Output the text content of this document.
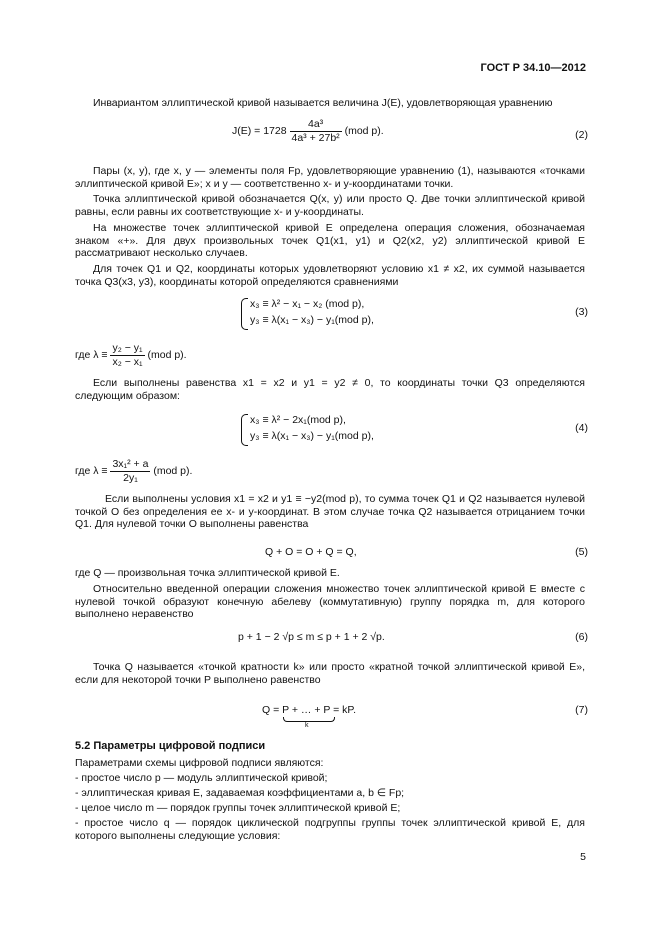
ГОСТ Р 34.10—2012
Инвариантом эллиптической кривой называется величина J(E), удовлетворяющая уравнению
$J(E) = 1728 \frac{\text{4a³}}{\text{4a³ + 27b²}} (mod$ p).	(2)
Пары (x, y), где x, y — элементы поля Fp, удовлетворяющие уравнению (1), называются «точками
эллиптической кривой E»; x и y — соответственно x- и y-координатами точки.
Точка эллиптической кривой обозначается Q(x, y) или просто Q. Две точки эллиптической кривой равны, если равны их соответствующие x- и y-координаты.
На множестве точек эллиптической кривой E определена операция сложения, обозначаемая знаком «+». Для двух произвольных точек Q1(x1, y1) и Q2(x2, y2) эллиптической кривой E рассматривают несколько случаев.
Для точек Q1 и Q2, координаты которых удовлетворяют условию x1 ≠ x2, их суммой называется точка Q3(x3, y3), координаты которой определяются сравнениями
x₃ ≡ λ² − x₁ − x₂ (mod p),
y₃ ≡ λ(x₁ − x₃) − y₁(mod p),
(3)
где $\lambda \equiv \frac{\text{y₂ − y₁}}{\text{x₂ − x₁}} (mod$ p).
Если выполнены равенства x1 = x2 и y1 = y2 ≠ 0, то координаты точки Q3 определяются следующим образом:
x₃ ≡ λ² − 2x₁(mod p),
y₃ ≡ λ(x₁ − x₃) − y₁(mod p),
(4)
где $\lambda \equiv \frac{\text{3x₁² + a}}{\text{2y₁}} (mod$ p).
Если выполнены условия x1 = x2 и y1 ≡ −y2(mod p), то сумма точек Q1 и Q2 называется нулевой точкой O без определения ее x- и y-координат. В этом случае точка Q2 называется отрицанием точки Q1. Для нулевой точки O выполнены равенства
Q + O = O + Q = Q,	(5)
где Q — произвольная точка эллиптической кривой E.
Относительно введенной операции сложения множество точек эллиптической кривой E вместе с нулевой точкой образуют конечную абелеву (коммутативную) группу порядка m, для которого выполнено неравенство
p + 1 − 2 √p ≤ m ≤ p + 1 + 2 √p.	(6)
Точка Q называется «точкой кратности k» или просто «кратной точкой эллиптической кривой E», если для некоторой точки P выполнено равенство
Q = P + … + P = kP.
k
(7)
5.2 Параметры цифровой подписи
Параметрами схемы цифровой подписи являются:
- простое число p — модуль эллиптической кривой;
- эллиптическая кривая E, задаваемая коэффициентами a, b ∈ Fp;
- целое число m — порядок группы точек эллиптической кривой E;
- простое число q — порядок циклической подгруппы группы точек эллиптической кривой E, для которого выполнены следующие условия:
5
